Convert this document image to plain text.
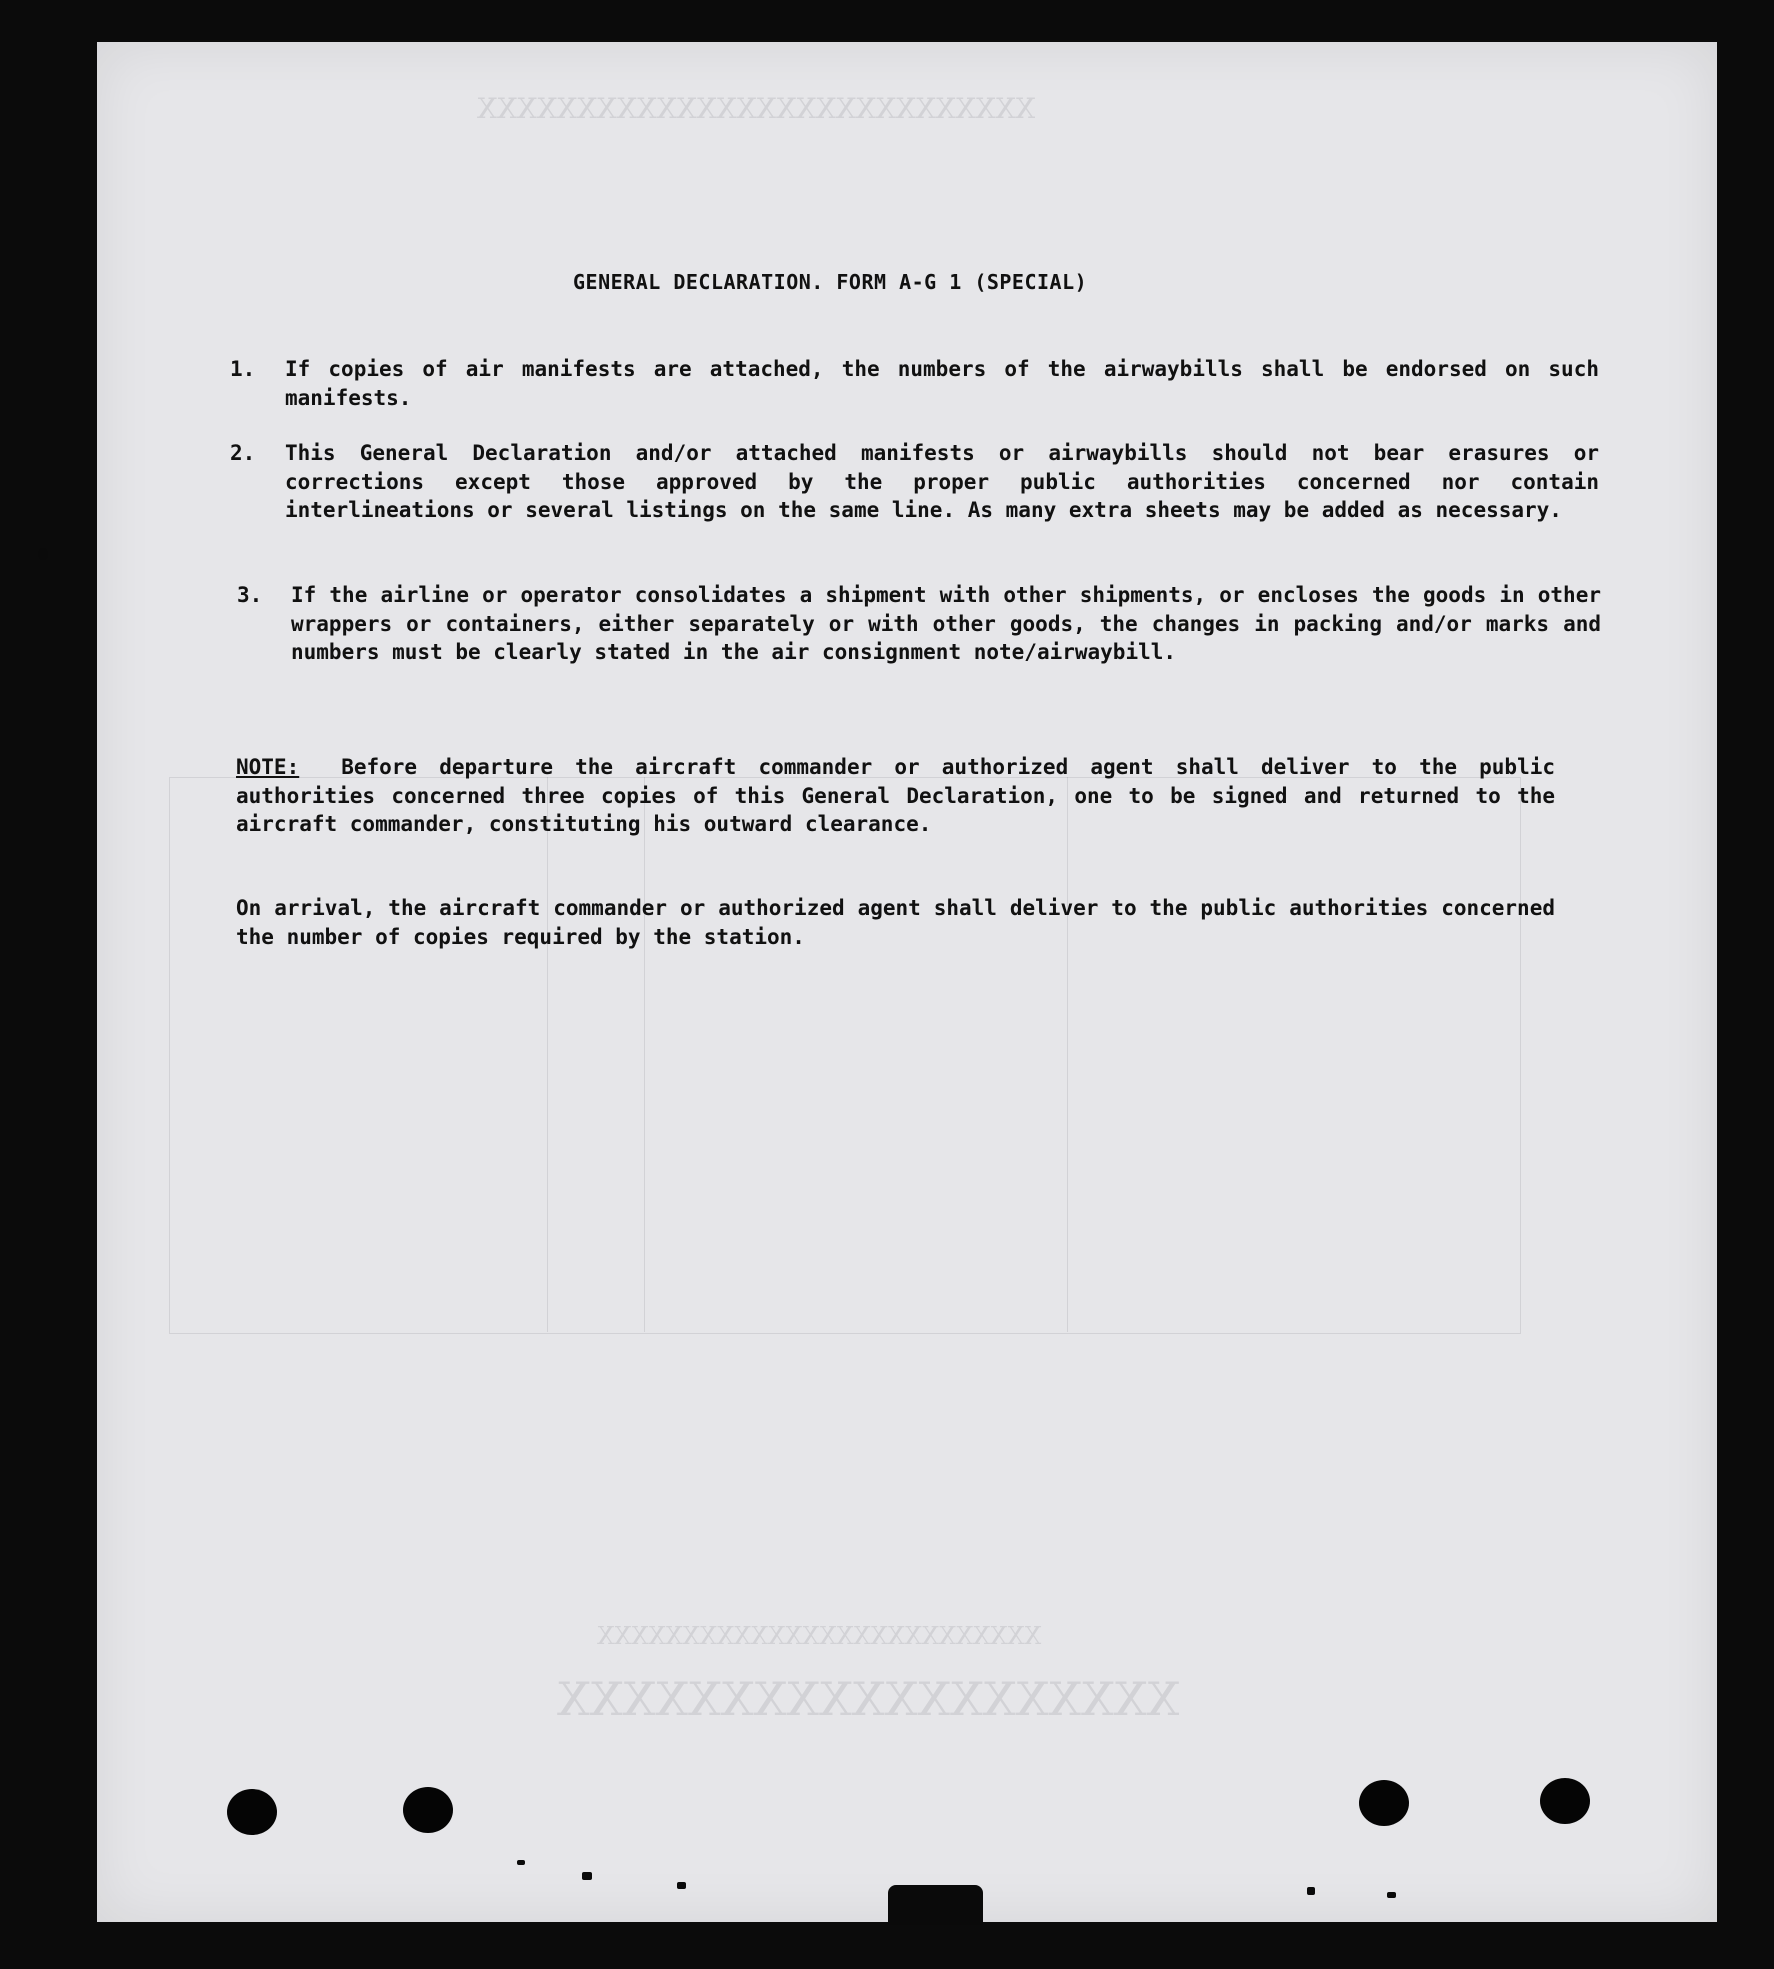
XXXXXXXXXXXXXXXXXXXXXXXXXXXX
XXXXXXXXXXXXXXXXXXX
XXXXXXXXXXXXXXXXXXXXXXXXXX
GENERAL DECLARATION. FORM A-G 1 (SPECIAL)
1. If copies of air manifests are attached, the numbers of the airwaybills shall be endorsed on such manifests.
2. This General Declaration and/or attached manifests or airwaybills should not bear erasures or corrections except those approved by the proper public authorities concerned nor contain interlineations or several listings on the same line. As many extra sheets may be added as necessary.
3. If the airline or operator consolidates a shipment with other shipments, or encloses the goods in other wrappers or containers, either separately or with other goods, the changes in packing and/or marks and numbers must be clearly stated in the air consignment note/airwaybill.
NOTE: Before departure the aircraft commander or authorized agent shall deliver to the public authorities concerned three copies of this General Declaration, one to be signed and returned to the aircraft commander, constituting his outward clearance.
On arrival, the aircraft commander or authorized agent shall deliver to the public authorities concerned the number of copies required by the station.
